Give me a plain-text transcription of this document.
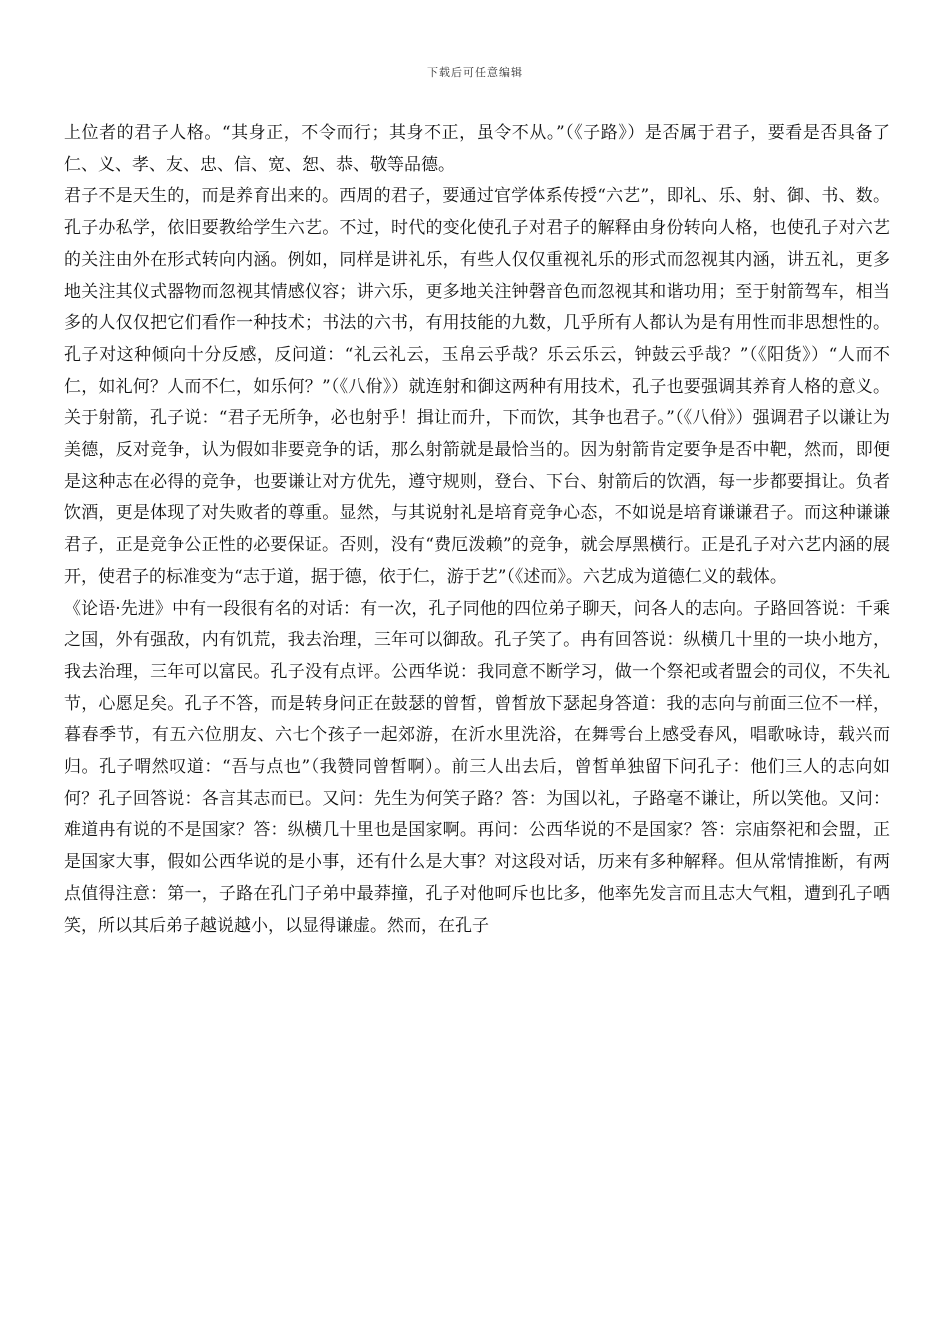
下载后可任意编辑

上位者的君子人格。“其身正，不令而行；其身不正，虽令不从。”（《子路》）是否属于君子，要看是否具备了仁、义、孝、友、忠、信、宽、恕、恭、敬等品德。

君子不是天生的，而是养育出来的。西周的君子，要通过官学体系传授“六艺”，即礼、乐、射、御、书、数。孔子办私学，依旧要教给学生六艺。不过，时代的变化使孔子对君子的解释由身份转向人格，也使孔子对六艺的关注由外在形式转向内涵。例如，同样是讲礼乐，有些人仅仅重视礼乐的形式而忽视其内涵，讲五礼，更多地关注其仪式器物而忽视其情感仪容；讲六乐，更多地关注钟磬音色而忽视其和谐功用；至于射箭驾车，相当多的人仅仅把它们看作一种技术；书法的六书，有用技能的九数，几乎所有人都认为是有用性而非思想性的。孔子对这种倾向十分反感，反问道：“礼云礼云，玉帛云乎哉？乐云乐云，钟鼓云乎哉？”（《阳货》）“人而不仁，如礼何？人而不仁，如乐何？”（《八佾》）就连射和御这两种有用技术，孔子也要强调其养育人格的意义。关于射箭，孔子说：“君子无所争，必也射乎！揖让而升，下而饮，其争也君子。”（《八佾》）强调君子以谦让为美德，反对竞争，认为假如非要竞争的话，那么射箭就是最恰当的。因为射箭肯定要争是否中靶，然而，即便是这种志在必得的竞争，也要谦让对方优先，遵守规则，登台、下台、射箭后的饮酒，每一步都要揖让。负者饮酒，更是体现了对失败者的尊重。显然，与其说射礼是培育竞争心态，不如说是培育谦谦君子。而这种谦谦君子，正是竞争公正性的必要保证。否则，没有“费厄泼赖”的竞争，就会厚黑横行。正是孔子对六艺内涵的展开，使君子的标准变为“志于道，据于德，依于仁，游于艺”（《述而》。六艺成为道德仁义的载体。

《论语·先进》中有一段很有名的对话：有一次，孔子同他的四位弟子聊天，问各人的志向。子路回答说：千乘之国，外有强敌，内有饥荒，我去治理，三年可以御敌。孔子笑了。冉有回答说：纵横几十里的一块小地方，我去治理，三年可以富民。孔子没有点评。公西华说：我同意不断学习，做一个祭祀或者盟会的司仪，不失礼节，心愿足矣。孔子不答，而是转身问正在鼓瑟的曾皙，曾皙放下瑟起身答道：我的志向与前面三位不一样，暮春季节，有五六位朋友、六七个孩子一起郊游，在沂水里洗浴，在舞雩台上感受春风，唱歌咏诗，载兴而归。孔子喟然叹道：“吾与点也”（我赞同曾皙啊）。前三人出去后，曾皙单独留下问孔子：他们三人的志向如何？孔子回答说：各言其志而已。又问：先生为何笑子路？答：为国以礼，子路毫不谦让，所以笑他。又问：难道冉有说的不是国家？答：纵横几十里也是国家啊。再问：公西华说的不是国家？答：宗庙祭祀和会盟，正是国家大事，假如公西华说的是小事，还有什么是大事？对这段对话，历来有多种解释。但从常情推断，有两点值得注意：第一，子路在孔门子弟中最莽撞，孔子对他呵斥也比多，他率先发言而且志大气粗，遭到孔子哂笑，所以其后弟子越说越小，以显得谦虚。然而，在孔子
